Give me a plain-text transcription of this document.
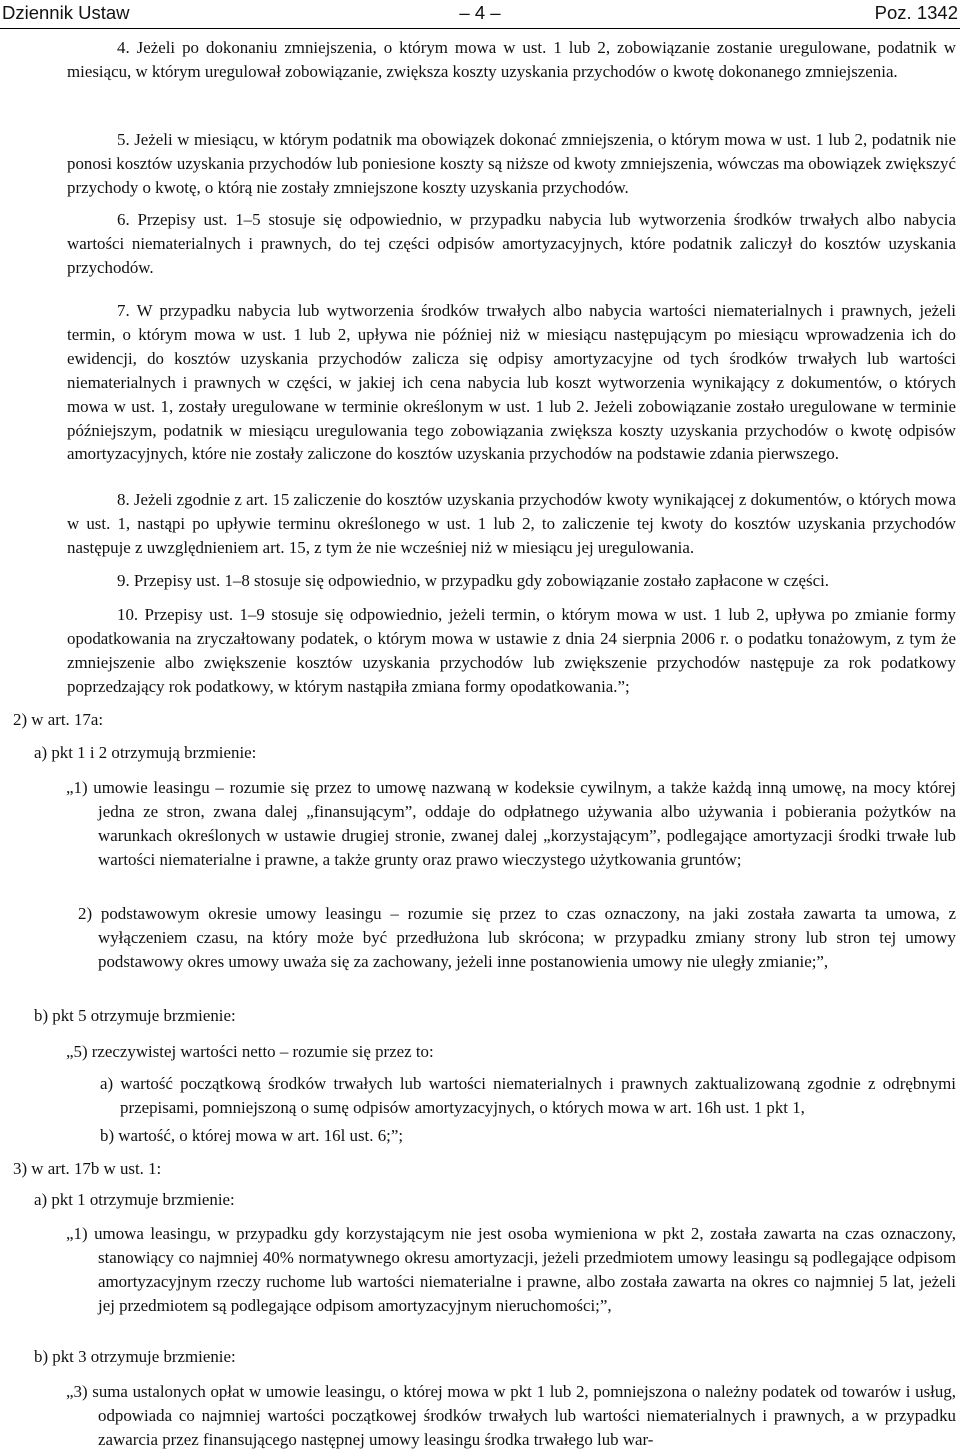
Dziennik Ustaw	– 4 –	Poz. 1342

4. Jeżeli po dokonaniu zmniejszenia, o którym mowa w ust. 1 lub 2, zobowiązanie zostanie uregulowane, podatnik w miesiącu, w którym uregulował zobowiązanie, zwiększa koszty uzyskania przychodów o kwotę dokonanego zmniejszenia.

5. Jeżeli w miesiącu, w którym podatnik ma obowiązek dokonać zmniejszenia, o którym mowa w ust. 1 lub 2, podatnik nie ponosi kosztów uzyskania przychodów lub poniesione koszty są niższe od kwoty zmniejszenia, wówczas ma obowiązek zwiększyć przychody o kwotę, o którą nie zostały zmniejszone koszty uzyskania przychodów.

6. Przepisy ust. 1–5 stosuje się odpowiednio, w przypadku nabycia lub wytworzenia środków trwałych albo nabycia wartości niematerialnych i prawnych, do tej części odpisów amortyzacyjnych, które podatnik zaliczył do kosztów uzyskania przychodów.

7. W przypadku nabycia lub wytworzenia środków trwałych albo nabycia wartości niematerialnych i prawnych, jeżeli termin, o którym mowa w ust. 1 lub 2, upływa nie później niż w miesiącu następującym po miesiącu wprowadzenia ich do ewidencji, do kosztów uzyskania przychodów zalicza się odpisy amortyzacyjne od tych środków trwałych lub wartości niematerialnych i prawnych w części, w jakiej ich cena nabycia lub koszt wytworzenia wynikający z dokumentów, o których mowa w ust. 1, zostały uregulowane w terminie określonym w ust. 1 lub 2. Jeżeli zobowiązanie zostało uregulowane w terminie późniejszym, podatnik w miesiącu uregulowania tego zobowiązania zwiększa koszty uzyskania przychodów o kwotę odpisów amortyzacyjnych, które nie zostały zaliczone do kosztów uzyskania przychodów na podstawie zdania pierwszego.

8. Jeżeli zgodnie z art. 15 zaliczenie do kosztów uzyskania przychodów kwoty wynikającej z dokumentów, o których mowa w ust. 1, nastąpi po upływie terminu określonego w ust. 1 lub 2, to zaliczenie tej kwoty do kosztów uzyskania przychodów następuje z uwzględnieniem art. 15, z tym że nie wcześniej niż w miesiącu jej uregulowania.

9. Przepisy ust. 1–8 stosuje się odpowiednio, w przypadku gdy zobowiązanie zostało zapłacone w części.

10. Przepisy ust. 1–9 stosuje się odpowiednio, jeżeli termin, o którym mowa w ust. 1 lub 2, upływa po zmianie formy opodatkowania na zryczałtowany podatek, o którym mowa w ustawie z dnia 24 sierpnia 2006 r. o podatku tonażowym, z tym że zmniejszenie albo zwiększenie kosztów uzyskania przychodów lub zwiększenie przychodów następuje za rok podatkowy poprzedzający rok podatkowy, w którym nastąpiła zmiana formy opodatkowania.”;

2) w art. 17a:

a) pkt 1 i 2 otrzymują brzmienie:

„1) umowie leasingu – rozumie się przez to umowę nazwaną w kodeksie cywilnym, a także każdą inną umowę, na mocy której jedna ze stron, zwana dalej „finansującym”, oddaje do odpłatnego używania albo używania i pobierania pożytków na warunkach określonych w ustawie drugiej stronie, zwanej dalej „korzystającym”, podlegające amortyzacji środki trwałe lub wartości niematerialne i prawne, a także grunty oraz prawo wieczystego użytkowania gruntów;

2) podstawowym okresie umowy leasingu – rozumie się przez to czas oznaczony, na jaki została zawarta ta umowa, z wyłączeniem czasu, na który może być przedłużona lub skrócona; w przypadku zmiany strony lub stron tej umowy podstawowy okres umowy uważa się za zachowany, jeżeli inne postanowienia umowy nie uległy zmianie;”,

b) pkt 5 otrzymuje brzmienie:

„5) rzeczywistej wartości netto – rozumie się przez to:

a) wartość początkową środków trwałych lub wartości niematerialnych i prawnych zaktualizowaną zgodnie z odrębnymi przepisami, pomniejszoną o sumę odpisów amortyzacyjnych, o których mowa w art. 16h ust. 1 pkt 1,

b) wartość, o której mowa w art. 16l ust. 6;”;

3) w art. 17b w ust. 1:

a) pkt 1 otrzymuje brzmienie:

„1) umowa leasingu, w przypadku gdy korzystającym nie jest osoba wymieniona w pkt 2, została zawarta na czas oznaczony, stanowiący co najmniej 40% normatywnego okresu amortyzacji, jeżeli przedmiotem umowy leasingu są podlegające odpisom amortyzacyjnym rzeczy ruchome lub wartości niematerialne i prawne, albo została zawarta na okres co najmniej 5 lat, jeżeli jej przedmiotem są podlegające odpisom amortyzacyjnym nieruchomości;”,

b) pkt 3 otrzymuje brzmienie:

„3) suma ustalonych opłat w umowie leasingu, o której mowa w pkt 1 lub 2, pomniejszona o należny podatek od towarów i usług, odpowiada co najmniej wartości początkowej środków trwałych lub wartości niematerialnych i prawnych, a w przypadku zawarcia przez finansującego następnej umowy leasingu środka trwałego lub war-
